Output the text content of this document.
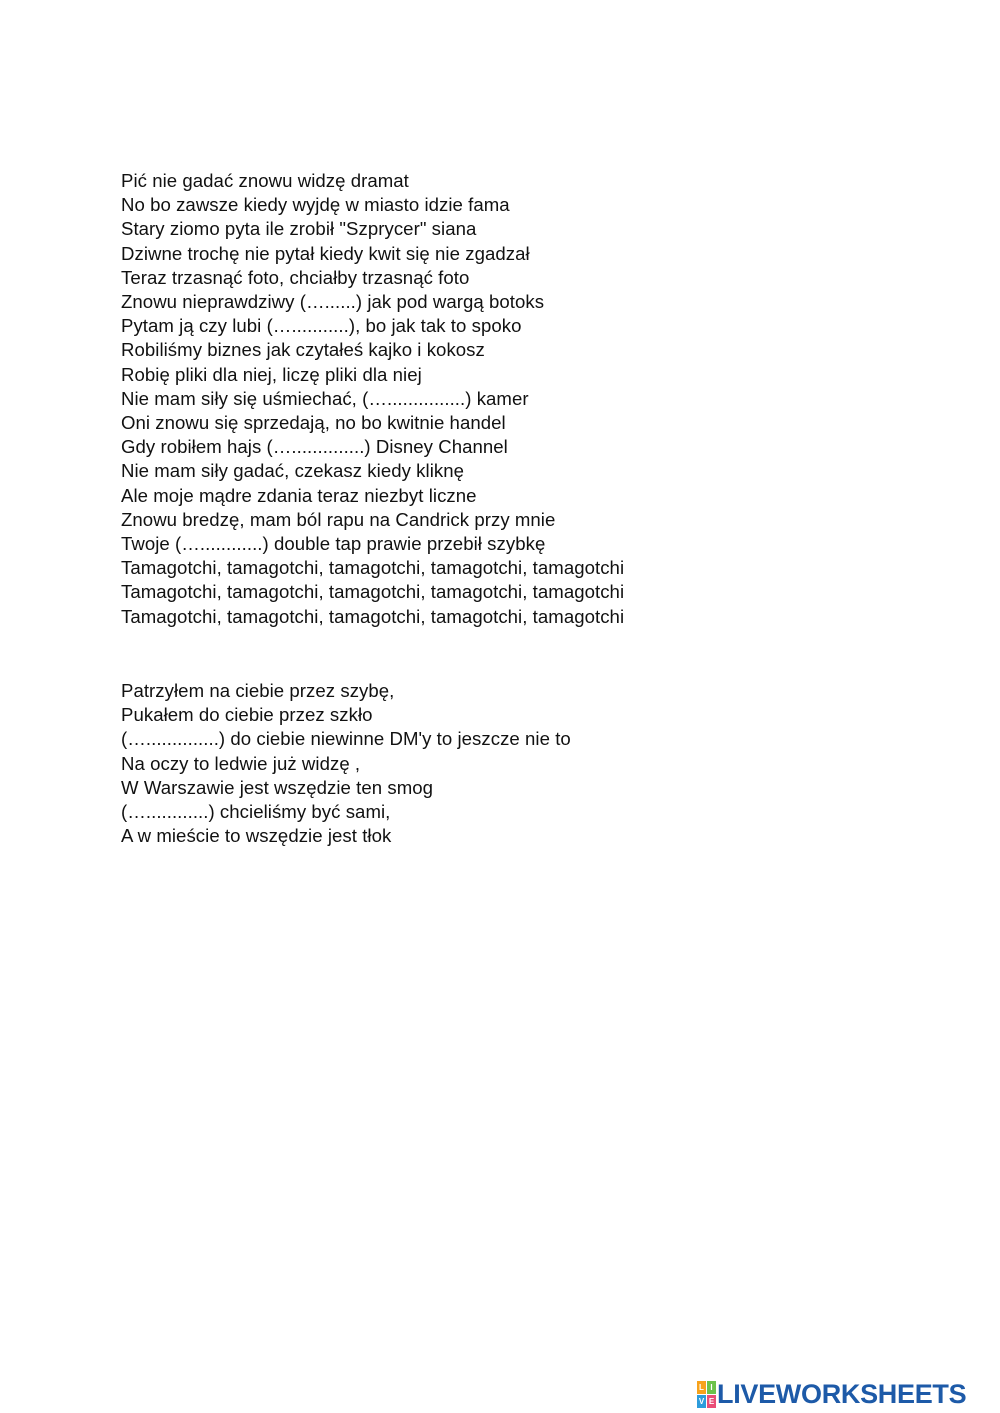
Pić nie gadać znowu widzę dramat
No bo zawsze kiedy wyjdę w miasto idzie fama
Stary ziomo pyta ile zrobił "Szprycer" siana
Dziwne trochę nie pytał kiedy kwit się nie zgadzał
Teraz trzasnąć foto, chciałby trzasnąć foto
Znowu nieprawdziwy (…......) jak pod wargą botoks
Pytam ją czy lubi (…...........), bo jak tak to spoko
Robiliśmy biznes jak czytałeś kajko i kokosz
Robię pliki dla niej, liczę pliki dla niej
Nie mam siły się uśmiechać, (…...............) kamer
Oni znowu się sprzedają, no bo kwitnie handel
Gdy robiłem hajs (…..............) Disney Channel
Nie mam siły gadać, czekasz kiedy kliknę
Ale moje mądre zdania teraz niezbyt liczne
Znowu bredzę, mam ból rapu na Candrick przy mnie
Twoje (…............) double tap prawie przebił szybkę
Tamagotchi, tamagotchi, tamagotchi, tamagotchi, tamagotchi
Tamagotchi, tamagotchi, tamagotchi, tamagotchi, tamagotchi
Tamagotchi, tamagotchi, tamagotchi, tamagotchi, tamagotchi
Patrzyłem na ciebie przez szybę,
Pukałem do ciebie przez szkło
(…..............) do ciebie niewinne DM'y to jeszcze nie to
Na oczy to ledwie już widzę ,
W Warszawie jest wszędzie ten smog
(…............) chcieliśmy być sami,
A w mieście to wszędzie jest tłok
L I
V E LIVEWORKSHEETS
